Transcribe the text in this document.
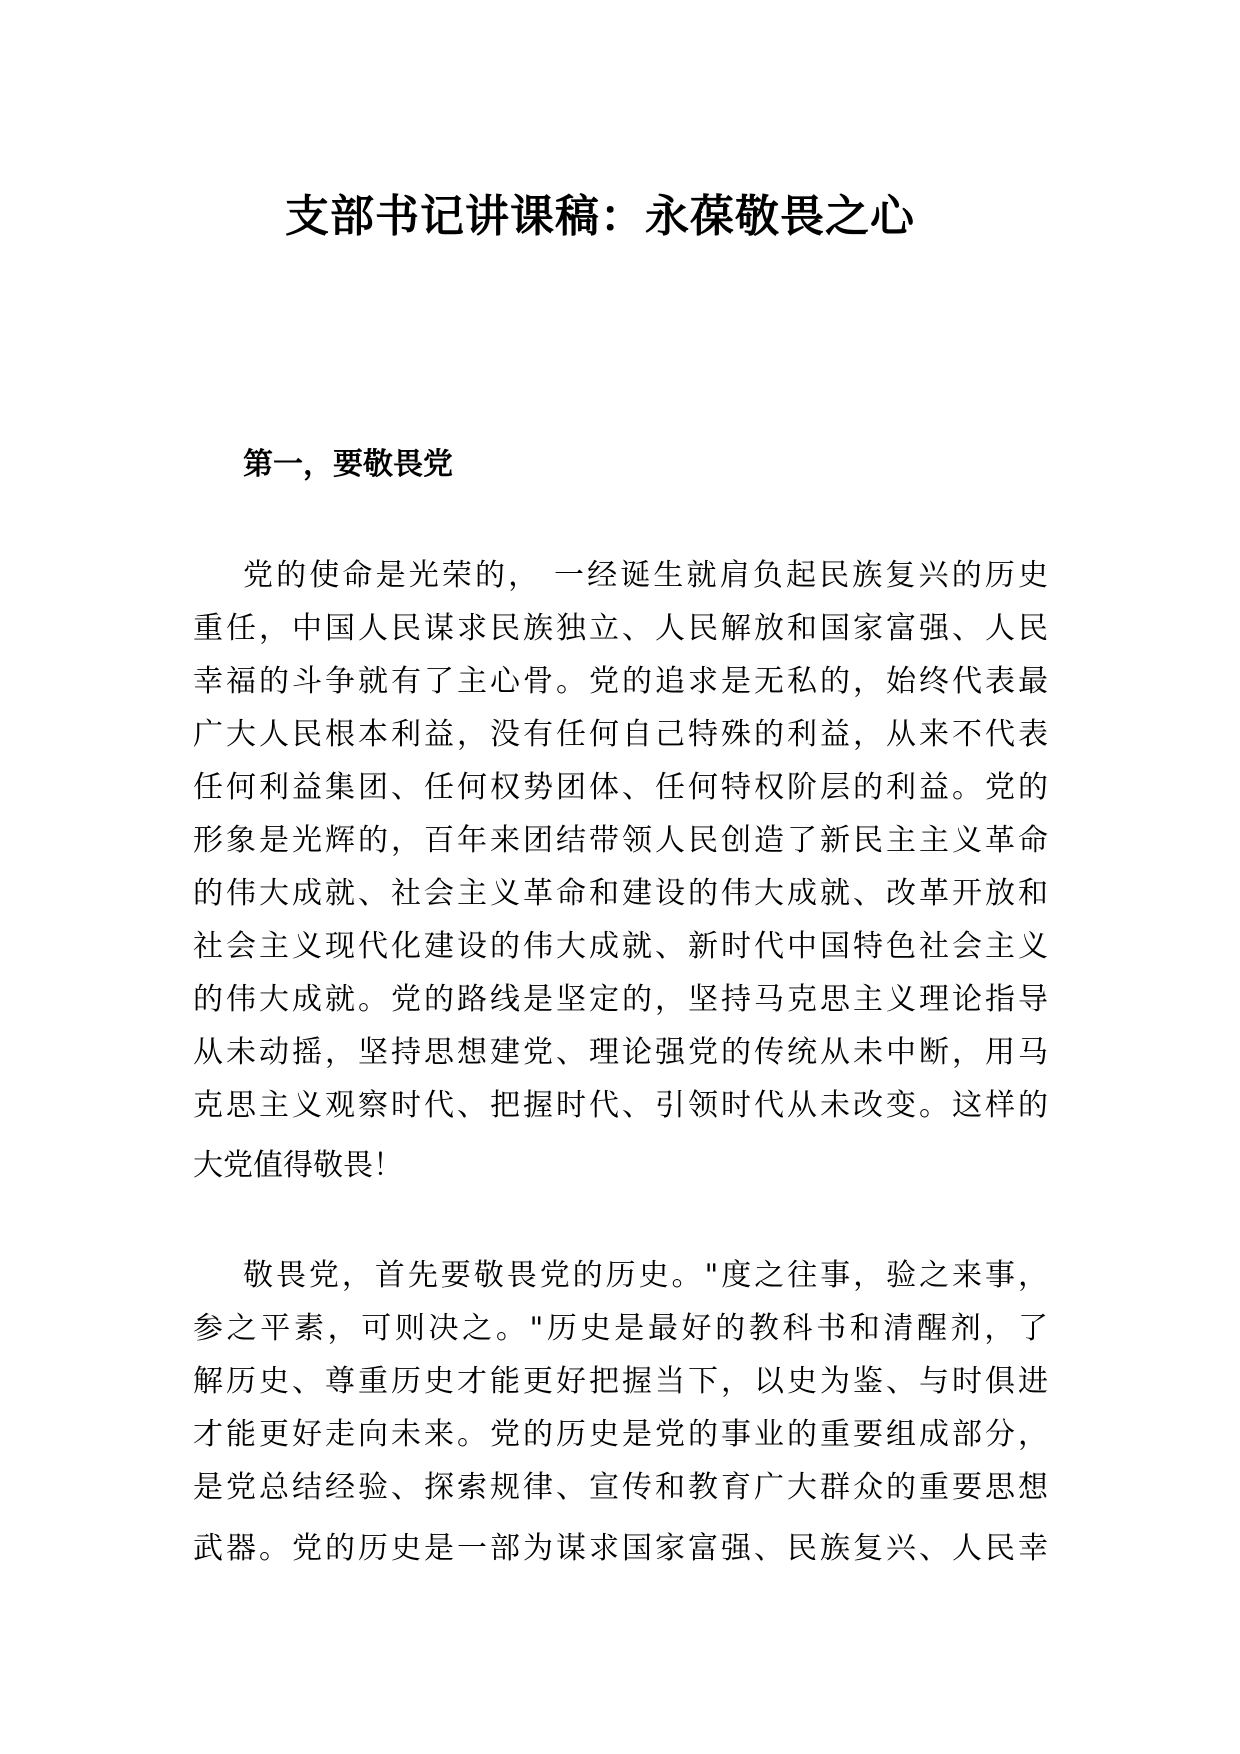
支部书记讲课稿：永葆敬畏之心
第一，要敬畏党
党的使命是光荣的， 一经诞生就肩负起民族复兴的历史
重任，中国人民谋求民族独立、人民解放和国家富强、人民
幸福的斗争就有了主心骨。党的追求是无私的，始终代表最
广大人民根本利益，没有任何自己特殊的利益，从来不代表
任何利益集团、任何权势团体、任何特权阶层的利益。党的
形象是光辉的，百年来团结带领人民创造了新民主主义革命
的伟大成就、社会主义革命和建设的伟大成就、改革开放和
社会主义现代化建设的伟大成就、新时代中国特色社会主义
的伟大成就。党的路线是坚定的，坚持马克思主义理论指导
从未动摇，坚持思想建党、理论强党的传统从未中断，用马
克思主义观察时代、把握时代、引领时代从未改变。这样的
大党值得敬畏！
敬畏党，首先要敬畏党的历史。"度之往事，验之来事，
参之平素，可则决之。"历史是最好的教科书和清醒剂，了
解历史、尊重历史才能更好把握当下，以史为鉴、与时俱进
才能更好走向未来。党的历史是党的事业的重要组成部分，
是党总结经验、探索规律、宣传和教育广大群众的重要思想
武器。党的历史是一部为谋求国家富强、民族复兴、人民幸
